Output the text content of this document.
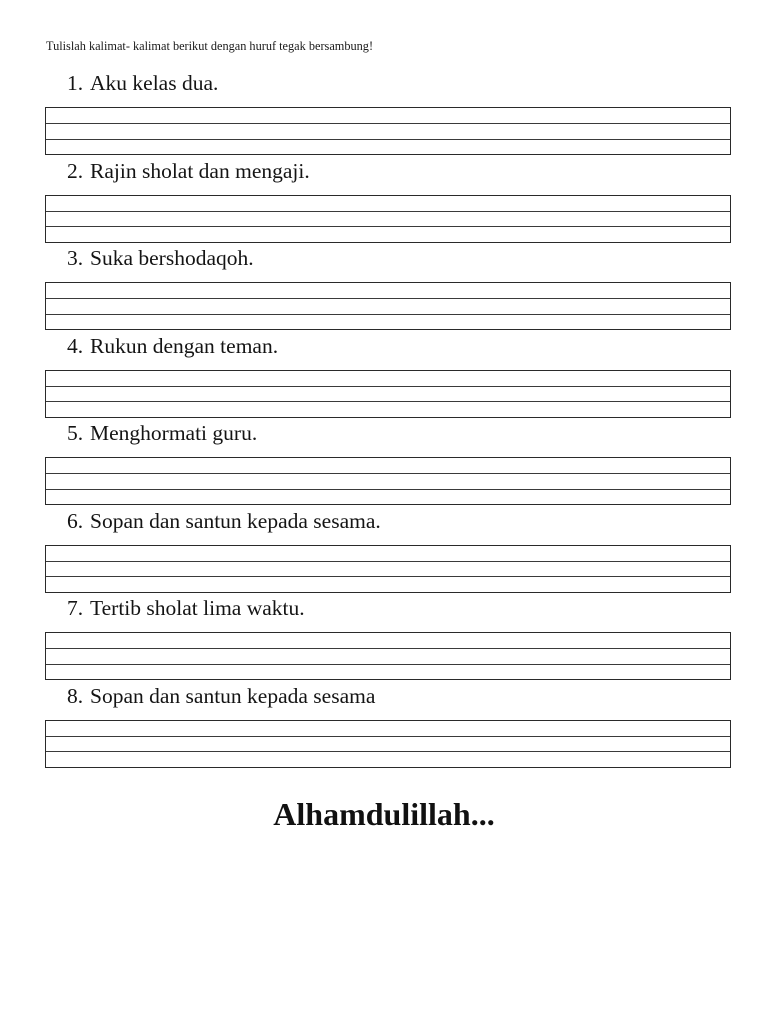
Tulislah kalimat- kalimat berikut dengan huruf tegak bersambung!
1. Aku kelas dua.
2. Rajin sholat dan mengaji.
3. Suka bershodaqoh.
4. Rukun dengan teman.
5. Menghormati guru.
6. Sopan dan santun kepada sesama.
7. Tertib sholat lima waktu.
8. Sopan dan santun kepada sesama
Alhamdulillah...
